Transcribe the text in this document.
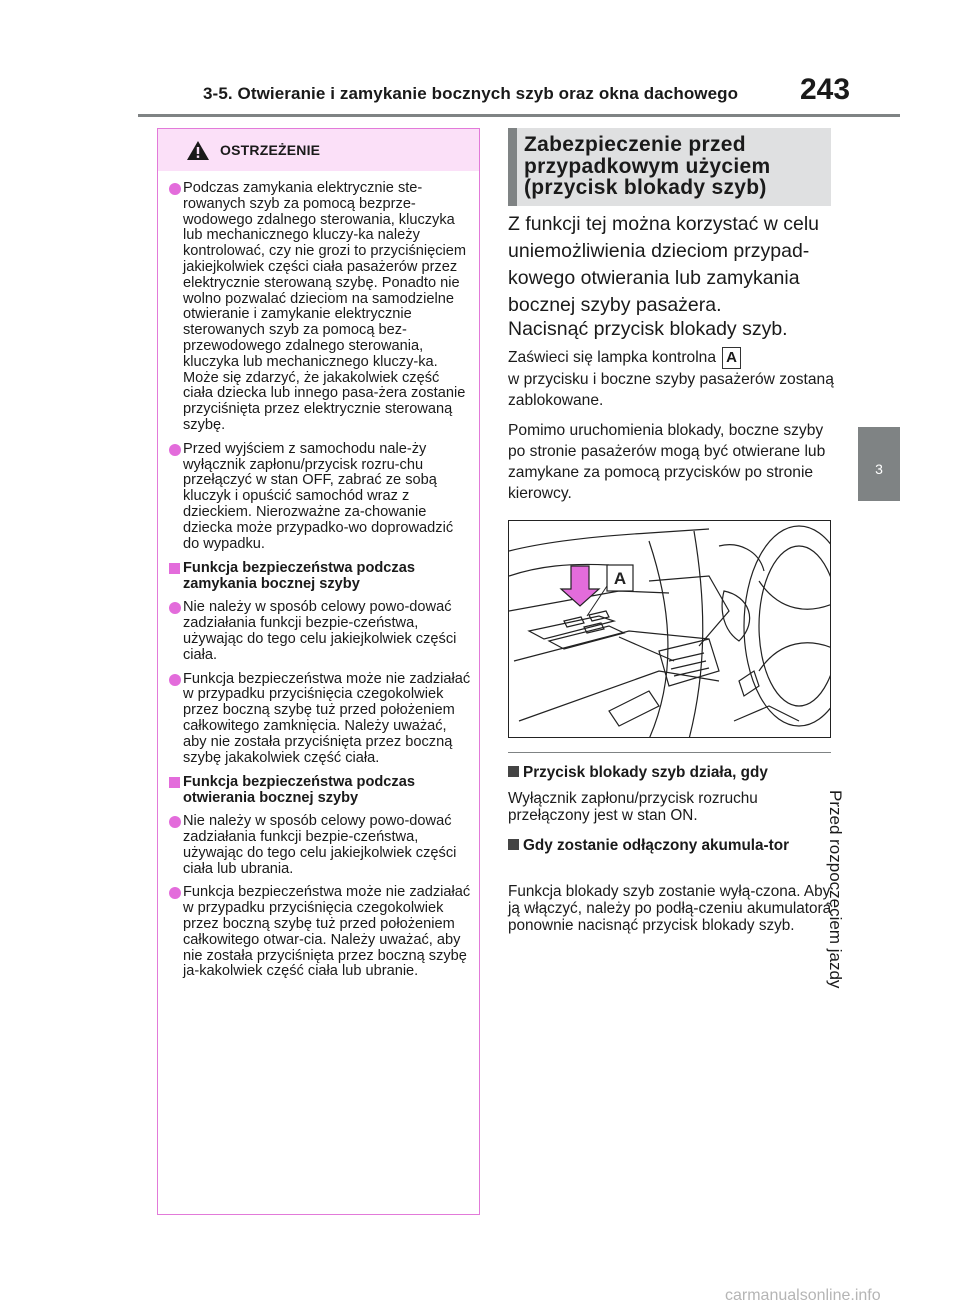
3-5. Otwieranie i zamykanie bocznych szyb oraz okna dachowego 243
3
Przed rozpoczęciem jazdy
OSTRZEŻENIE
Podczas zamykania elektrycznie ste-rowanych szyb za pomocą bezprze-wodowego zdalnego sterowania, kluczyka lub mechanicznego kluczy-ka należy kontrolować, czy nie grozi to przyciśnięciem jakiejkolwiek części ciała pasażerów przez elektrycznie sterowaną szybę. Ponadto nie wolno pozwalać dzieciom na samodzielne otwieranie i zamykanie elektrycznie sterowanych szyb za pomocą bez-przewodowego zdalnego sterowania, kluczyka lub mechanicznego kluczy-ka. Może się zdarzyć, że jakakolwiek część ciała dziecka lub innego pasa-żera zostanie przyciśnięta przez elektrycznie sterowaną szybę.
Przed wyjściem z samochodu nale-ży wyłącznik zapłonu/przycisk rozru-chu przełączyć w stan OFF, zabrać ze sobą kluczyk i opuścić samochód wraz z dzieckiem. Nierozważne za-chowanie dziecka może przypadko-wo doprowadzić do wypadku.
Funkcja bezpieczeństwa podczas zamykania bocznej szyby
Nie należy w sposób celowy powo-dować zadziałania funkcji bezpie-czeństwa, używając do tego celu jakiejkolwiek części ciała.
Funkcja bezpieczeństwa może nie zadziałać w przypadku przyciśnięcia czegokolwiek przez boczną szybę tuż przed położeniem całkowitego zamknięcia. Należy uważać, aby nie została przyciśnięta przez boczną szybę jakakolwiek część ciała.
Funkcja bezpieczeństwa podczas otwierania bocznej szyby
Nie należy w sposób celowy powo-dować zadziałania funkcji bezpie-czeństwa, używając do tego celu jakiejkolwiek części ciała lub ubrania.
Funkcja bezpieczeństwa może nie zadziałać w przypadku przyciśnięcia czegokolwiek przez boczną szybę tuż przed położeniem całkowitego otwar-cia. Należy uważać, aby nie została przyciśnięta przez boczną szybę ja-kakolwiek część ciała lub ubranie.
Zabezpieczenie przed przypadkowym użyciem (przycisk blokady szyb)
Z funkcji tej można korzystać w celu uniemożliwienia dzieciom przypad-kowego otwierania lub zamykania bocznej szyby pasażera.
Nacisnąć przycisk blokady szyb.
Zaświeci się lampka kontrolna A
w przycisku i boczne szyby pasażerów zostaną zablokowane.
Pomimo uruchomienia blokady, boczne szyby po stronie pasażerów mogą być otwierane lub zamykane za pomocą przycisków po stronie kierowcy.
A
Przycisk blokady szyb działa, gdy
Wyłącznik zapłonu/przycisk rozruchu przełączony jest w stan ON.
Gdy zostanie odłączony akumula-tor
Funkcja blokady szyb zostanie wyłą-czona. Aby ją włączyć, należy po podłą-czeniu akumulatora ponownie nacisnąć przycisk blokady szyb.
carmanualsonline.info
